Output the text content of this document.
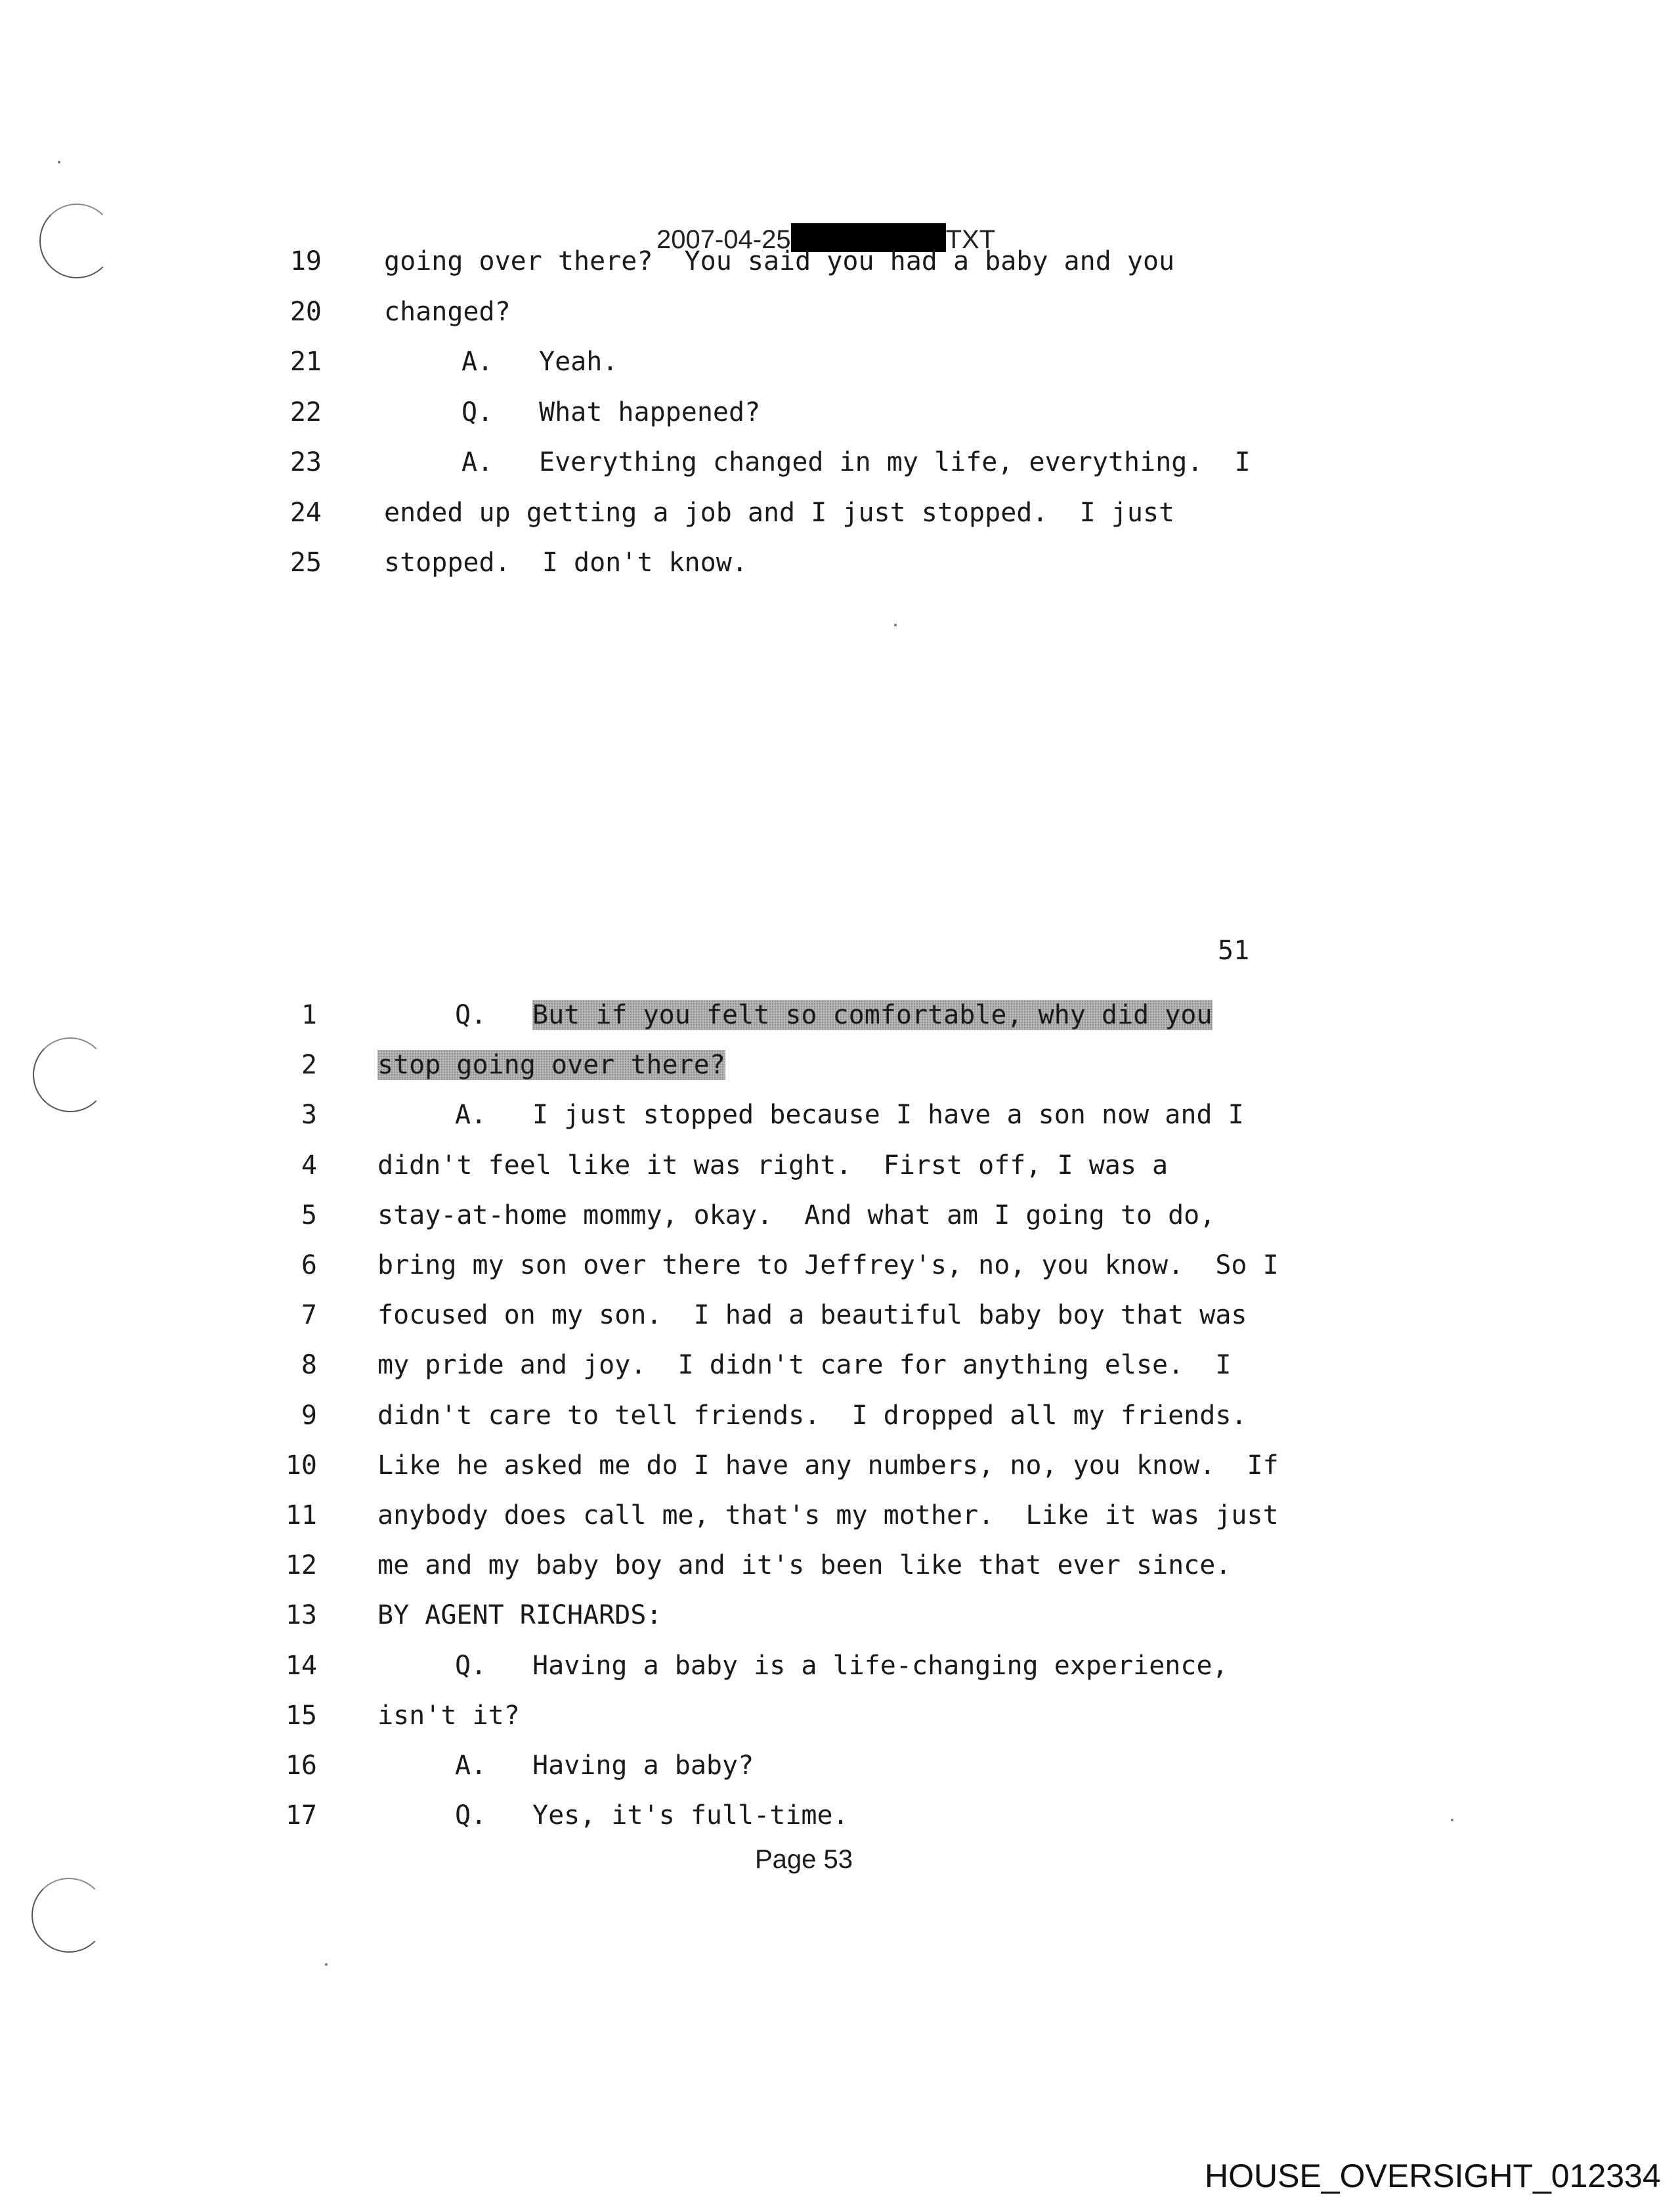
2007-04-25	TXT
19 going over there?  You said you had a baby and you
20 changed?
21	A. Yeah.
22	Q. What happened?
23	A. Everything changed in my life, everything.  I
24 ended up getting a job and I just stopped.  I just
25 stopped.  I don't know.
51
1	Q. But if you felt so comfortable, why did you
2 stop going over there?
3	A. I just stopped because I have a son now and I
4 didn't feel like it was right.  First off, I was a
5 stay-at-home mommy, okay.  And what am I going to do,
6 bring my son over there to Jeffrey's, no, you know.  So I
7 focused on my son.  I had a beautiful baby boy that was
8 my pride and joy.  I didn't care for anything else.  I
9 didn't care to tell friends.  I dropped all my friends.
10 Like he asked me do I have any numbers, no, you know.  If
11 anybody does call me, that's my mother.  Like it was just
12 me and my baby boy and it's been like that ever since.
13 BY AGENT RICHARDS:
14	Q. Having a baby is a life-changing experience,
15 isn't it?
16	A. Having a baby?
17	Q. Yes, it's full-time.
Page 53
HOUSE_OVERSIGHT_012334
